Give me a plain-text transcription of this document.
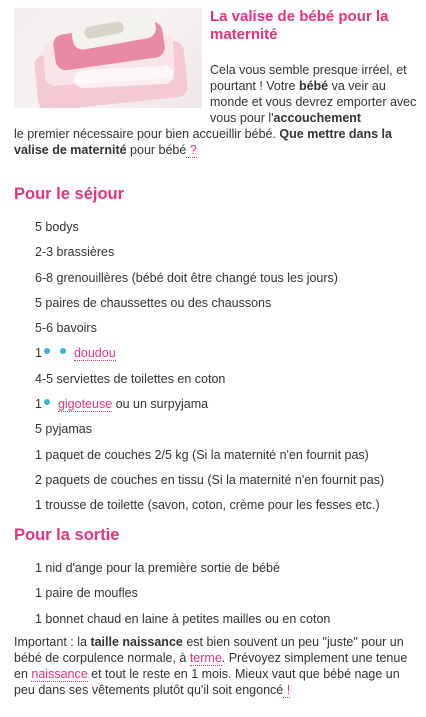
La valise de bébé pour la maternité

Cela vous semble presque irréel, et pourtant ! Votre bébé va veir au monde et vous devrez emporter avec vous pour l'accouchement

le premier nécessaire pour bien accueillir bébé. Que mettre dans la valise de maternité pour bébé ?

Pour le séjour
5 bodys
2-3 brassières
6-8 grenouillères (bébé doit être changé tous les jours)
5 paires de chaussettes ou des chaussons
5-6 bavoirs
1	doudou
4-5 serviettes de toilettes en coton
1 gigoteuse ou un surpyjama
5 pyjamas
1 paquet de couches 2/5 kg (Si la maternité n'en fournit pas)
2 paquets de couches en tissu (Si la maternité n'en fournit pas)
1 trousse de toilette (savon, coton, crème pour les fesses etc.)
Pour la sortie
1 nid d'ange pour la première sortie de bébé
1 paire de moufles
1 bonnet chaud en laine à petites mailles ou en coton

Important : la taille naissance est bien souvent un peu "juste" pour un bébé de corpulence normale, à terme. Prévoyez simplement une tenue en naissance et tout le reste en 1 mois. Mieux vaut que bébé nage un peu dans ses vêtements plutôt qu'il soit engoncé !
